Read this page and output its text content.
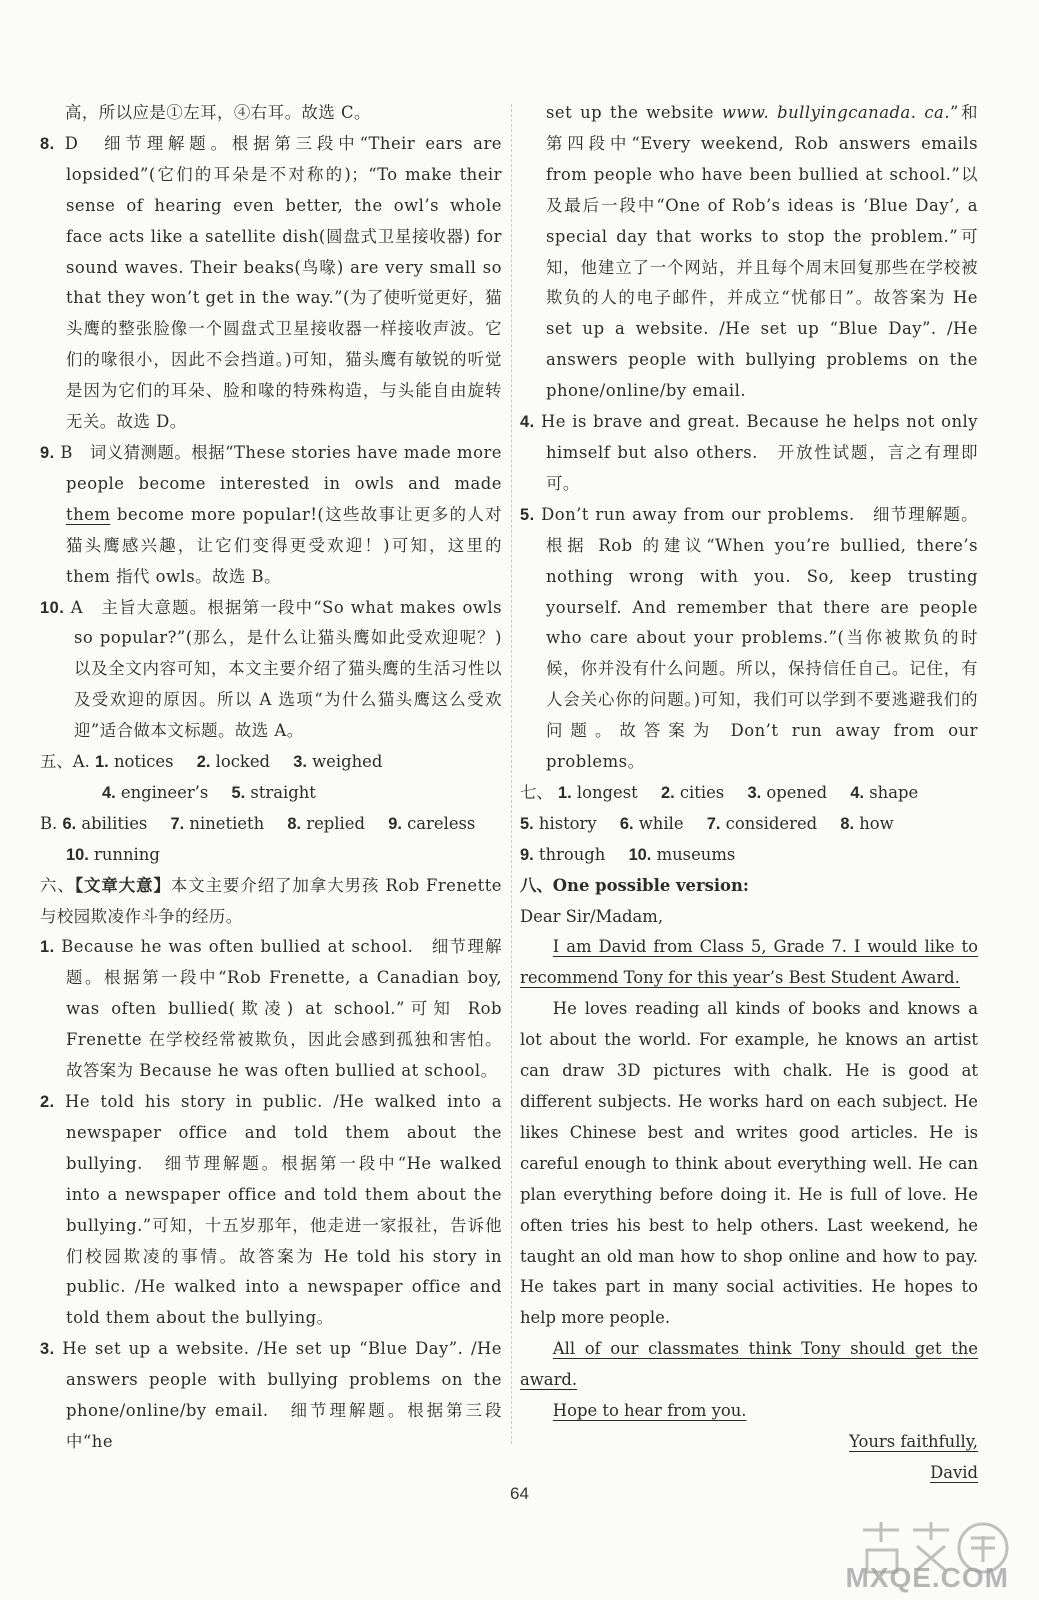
高，所以应是①左耳，④右耳。故选 C。
8. D　细节理解题。根据第三段中“Their ears are lopsided”(它们的耳朵是不对称的)；“To make their sense of hearing even better, the owl’s whole face acts like a satellite dish(圆盘式卫星接收器) for sound waves. Their beaks(鸟喙) are very small so that they won’t get in the way.”(为了使听觉更好，猫头鹰的整张脸像一个圆盘式卫星接收器一样接收声波。它们的喙很小，因此不会挡道。)可知，猫头鹰有敏锐的听觉是因为它们的耳朵、脸和喙的特殊构造，与头能自由旋转无关。故选 D。
9. B　词义猜测题。根据“These stories have made more people become interested in owls and made them become more popular!(这些故事让更多的人对猫头鹰感兴趣，让它们变得更受欢迎！)可知，这里的 them 指代 owls。故选 B。
10. A　主旨大意题。根据第一段中“So what makes owls so popular?”(那么，是什么让猫头鹰如此受欢迎呢？)以及全文内容可知，本文主要介绍了猫头鹰的生活习性以及受欢迎的原因。所以 A 选项“为什么猫头鹰这么受欢迎”适合做本文标题。故选 A。
五、A. 1. notices 2. locked 3. weighed
4. engineer’s 5. straight
B. 6. abilities 7. ninetieth 8. replied 9. careless
10. running
六、【文章大意】本文主要介绍了加拿大男孩 Rob Frenette 与校园欺凌作斗争的经历。
1. Because he was often bullied at school.　细节理解题。根据第一段中“Rob Frenette, a Canadian boy, was often bullied(欺凌) at school.”可知 Rob Frenette 在学校经常被欺负，因此会感到孤独和害怕。故答案为 Because he was often bullied at school。
2. He told his story in public. /He walked into a newspaper office and told them about the bullying.　细节理解题。根据第一段中“He walked into a newspaper office and told them about the bullying.”可知，十五岁那年，他走进一家报社，告诉他们校园欺凌的事情。故答案为 He told his story in public. /He walked into a newspaper office and told them about the bullying。
3. He set up a website. /He set up “Blue Day”. /He answers people with bullying problems on the phone/online/by email.　细节理解题。根据第三段中“he
set up the website www. bullyingcanada. ca.”和第四段中“Every weekend, Rob answers emails from people who have been bullied at school.”以及最后一段中“One of Rob’s ideas is ‘Blue Day’, a special day that works to stop the problem.”可知，他建立了一个网站，并且每个周末回复那些在学校被欺负的人的电子邮件，并成立“忧郁日”。故答案为 He set up a website. /He set up “Blue Day”. /He answers people with bullying problems on the phone/online/by email.
4. He is brave and great. Because he helps not only himself but also others.　开放性试题，言之有理即可。
5. Don’t run away from our problems.　细节理解题。根据 Rob 的建议“When you’re bullied, there’s nothing wrong with you. So, keep trusting yourself. And remember that there are people who care about your problems.”(当你被欺负的时候，你并没有什么问题。所以，保持信任自己。记住，有人会关心你的问题。)可知，我们可以学到不要逃避我们的问题。故答案为 Don’t run away from our problems。
七、 1. longest 2. cities 3. opened 4. shape
5. history 6. while 7. considered 8. how
9. through 10. museums
八、One possible version:
Dear Sir/Madam,
I am David from Class 5, Grade 7. I would like to recommend Tony for this year’s Best Student Award.
He loves reading all kinds of books and knows a lot about the world. For example, he knows an artist can draw 3D pictures with chalk. He is good at different subjects. He works hard on each subject. He likes Chinese best and writes good articles. He is careful enough to think about everything well. He can plan everything before doing it. He is full of love. He often tries his best to help others. Last weekend, he taught an old man how to shop online and how to pay. He takes part in many social activities. He hopes to help more people.
All of our classmates think Tony should get the award.
Hope to hear from you.
Yours faithfully,
David
64
MXQE.COM
